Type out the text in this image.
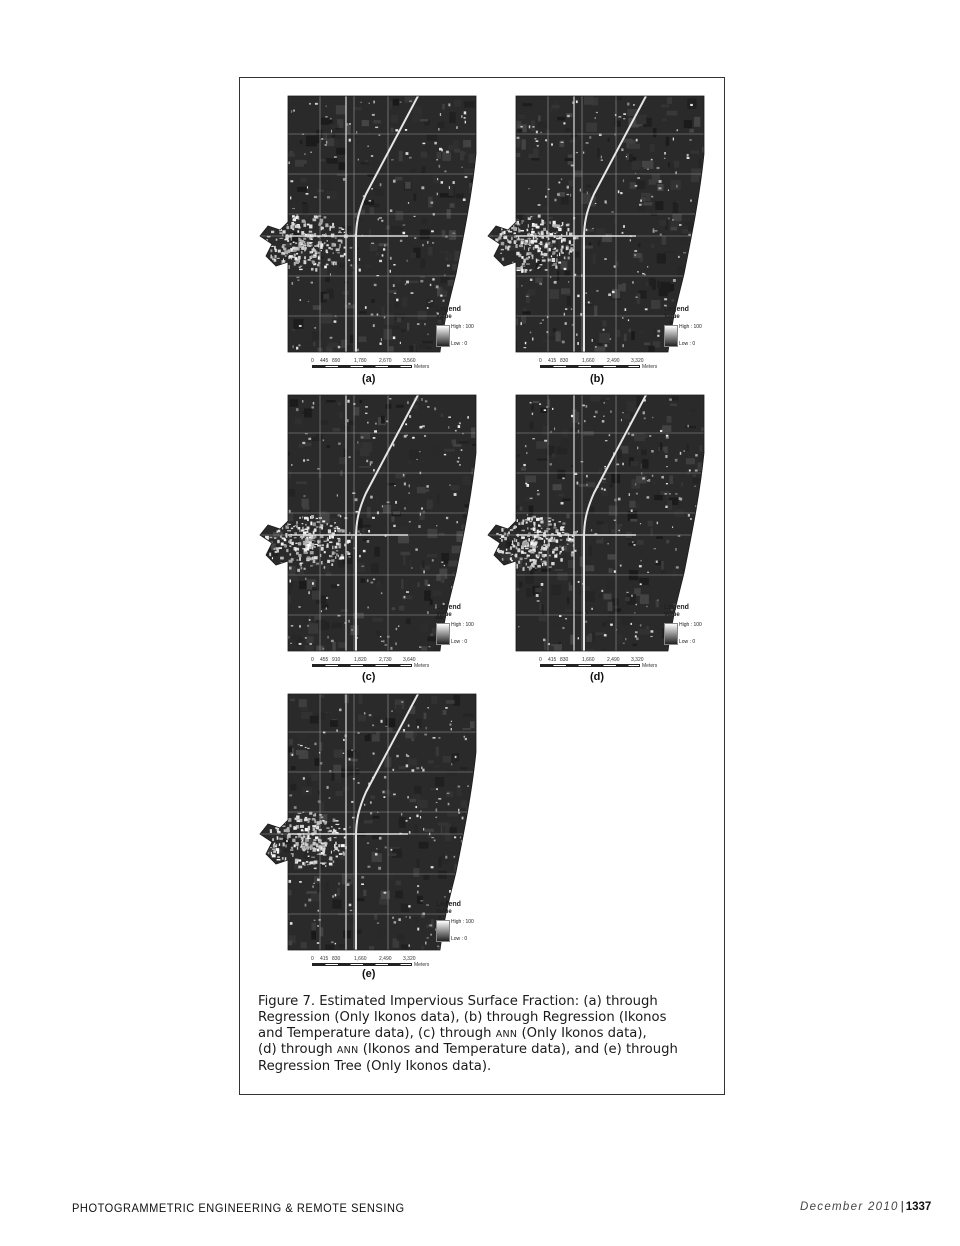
Legend
Value
High : 100
Low : 0
0 445 890	1,780 2,670 3,560
Meters
(a)
Legend
Value
High : 100
Low : 0
0 415 830	1,660 2,490 3,320
Meters
(b)
Legend
Value
High : 100
Low : 0
0 455 910	1,820 2,730 3,640
Meters
(c)
Legend
Value
High : 100
Low : 0
0 415 830	1,660 2,490 3,320
Meters
(d)
Legend
Value
High : 100
Low : 0
0 415 830	1,660 2,490 3,320
Meters
(e)
Figure 7. Estimated Impervious Surface Fraction: (a) through
Regression (Only Ikonos data), (b) through Regression (Ikonos
and Temperature data), (c) through ANN (Only Ikonos data),
(d) through ANN (Ikonos and Temperature data), and (e) through
Regression Tree (Only Ikonos data).
PHOTOGRAMMETRIC ENGINEERING & REMOTE SENSING	December 2010 | 1337
